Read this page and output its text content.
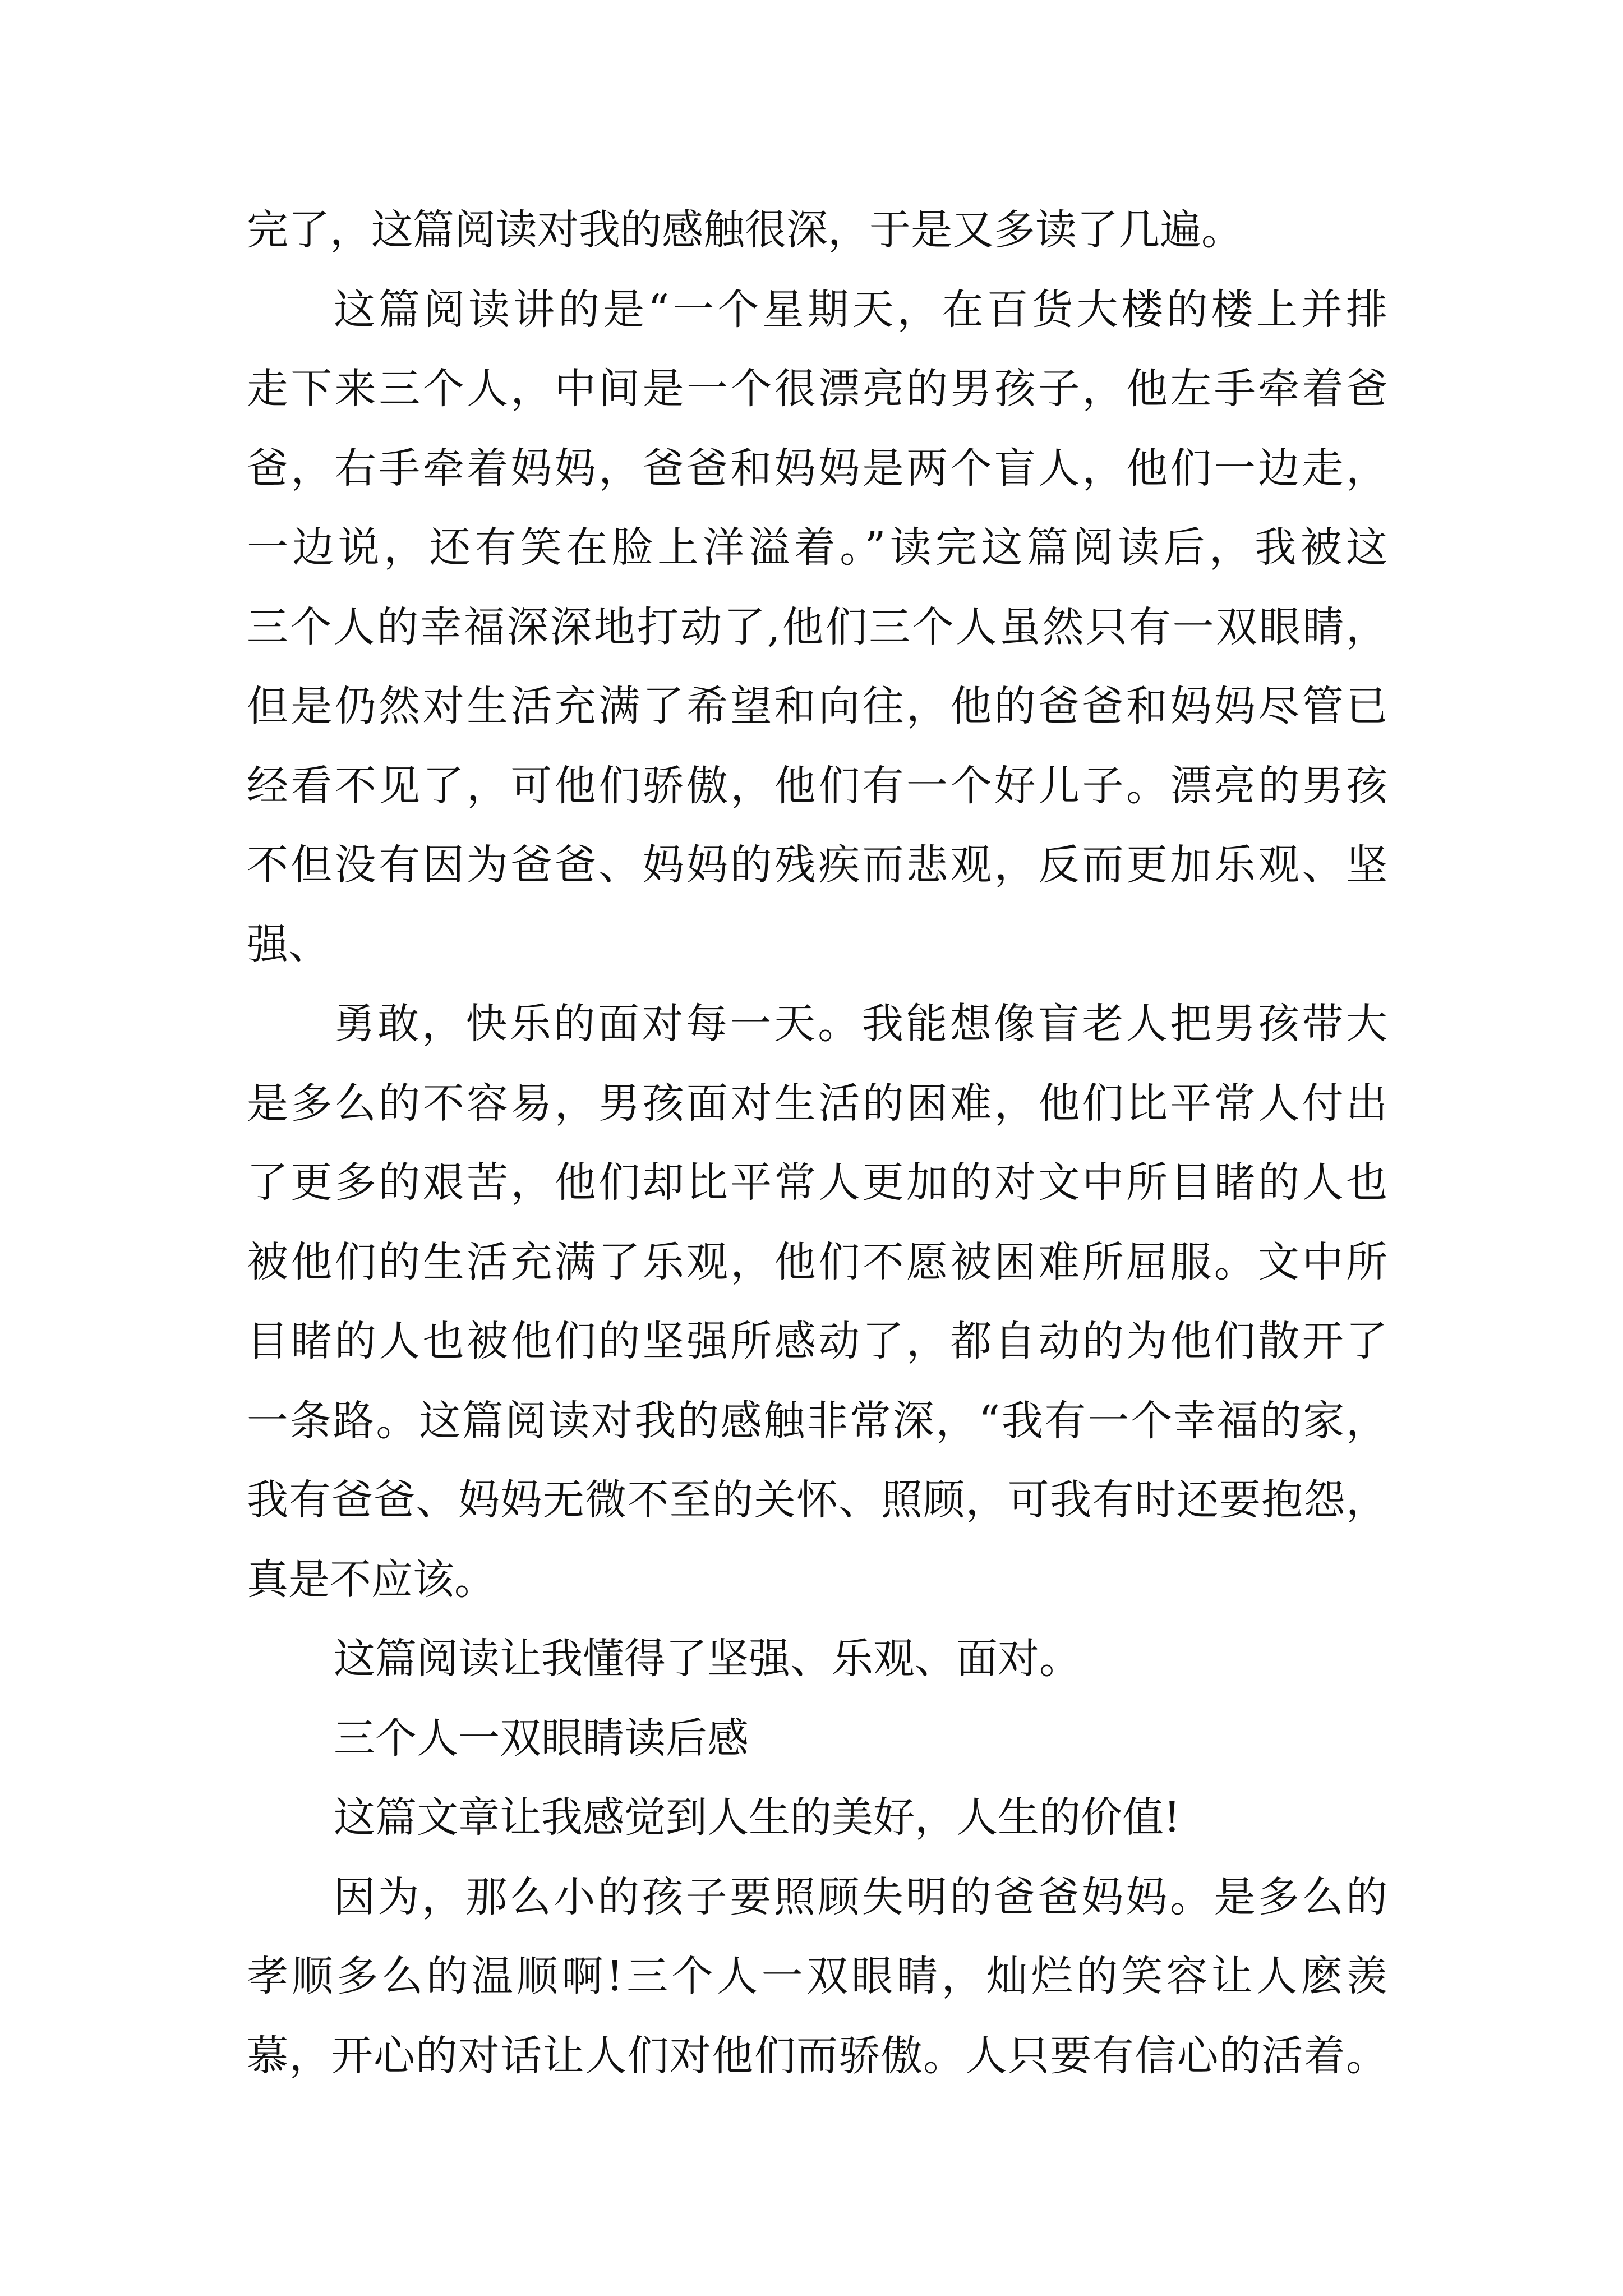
完了，这篇阅读对我的感触很深，于是又多读了几遍。
这篇阅读讲的是“一个星期天，在百货大楼的楼上并排
走下来三个人，中间是一个很漂亮的男孩子，他左手牵着爸
爸，右手牵着妈妈，爸爸和妈妈是两个盲人，他们一边走，
一边说，还有笑在脸上洋溢着。”读完这篇阅读后，我被这
三个人的幸福深深地打动了,他们三个人虽然只有一双眼睛，
但是仍然对生活充满了希望和向往，他的爸爸和妈妈尽管已
经看不见了，可他们骄傲，他们有一个好儿子。漂亮的男孩
不但没有因为爸爸、妈妈的残疾而悲观，反而更加乐观、坚
强、
勇敢，快乐的面对每一天。我能想像盲老人把男孩带大
是多么的不容易，男孩面对生活的困难，他们比平常人付出
了更多的艰苦，他们却比平常人更加的对文中所目睹的人也
被他们的生活充满了乐观，他们不愿被困难所屈服。文中所
目睹的人也被他们的坚强所感动了，都自动的为他们散开了
一条路。这篇阅读对我的感触非常深，“我有一个幸福的家，
我有爸爸、妈妈无微不至的关怀、照顾，可我有时还要抱怨，
真是不应该。
这篇阅读让我懂得了坚强、乐观、面对。
三个人一双眼睛读后感
这篇文章让我感觉到人生的美好，人生的价值!
因为，那么小的孩子要照顾失明的爸爸妈妈。是多么的
孝顺多么的温顺啊!三个人一双眼睛，灿烂的笑容让人麽羡
慕，开心的对话让人们对他们而骄傲。人只要有信心的活着。
